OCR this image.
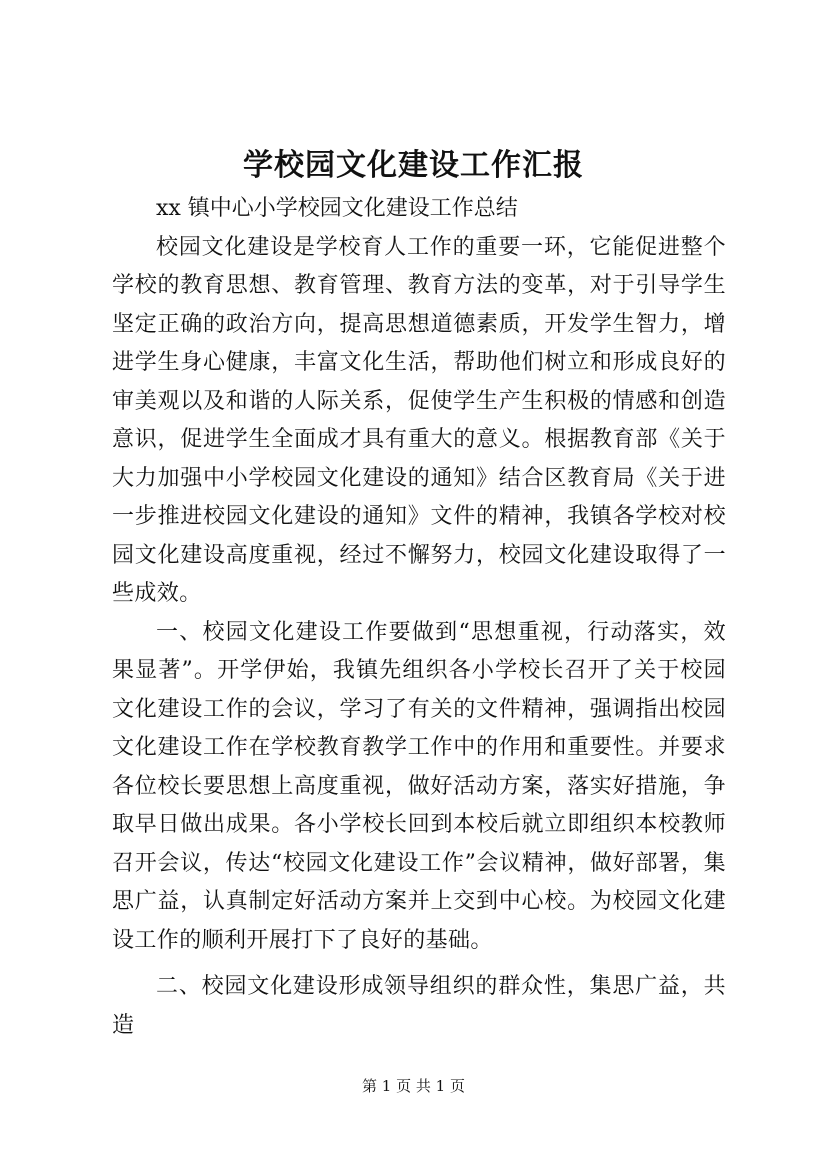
学校园文化建设工作汇报

xx 镇中心小学校园文化建设工作总结

校园文化建设是学校育人工作的重要一环，它能促进整个学校的教育思想、教育管理、教育方法的变革，对于引导学生坚定正确的政治方向，提高思想道德素质，开发学生智力，增进学生身心健康，丰富文化生活，帮助他们树立和形成良好的审美观以及和谐的人际关系，促使学生产生积极的情感和创造意识，促进学生全面成才具有重大的意义。根据教育部《关于大力加强中小学校园文化建设的通知》结合区教育局《关于进一步推进校园文化建设的通知》文件的精神，我镇各学校对校园文化建设高度重视，经过不懈努力，校园文化建设取得了一些成效。

一、校园文化建设工作要做到“思想重视，行动落实，效果显著”。开学伊始，我镇先组织各小学校长召开了关于校园文化建设工作的会议，学习了有关的文件精神，强调指出校园文化建设工作在学校教育教学工作中的作用和重要性。并要求各位校长要思想上高度重视，做好活动方案，落实好措施，争取早日做出成果。各小学校长回到本校后就立即组织本校教师召开会议，传达“校园文化建设工作”会议精神，做好部署，集思广益，认真制定好活动方案并上交到中心校。为校园文化建设工作的顺利开展打下了良好的基础。

二、校园文化建设形成领导组织的群众性，集思广益，共造

第 1 页 共 1 页
